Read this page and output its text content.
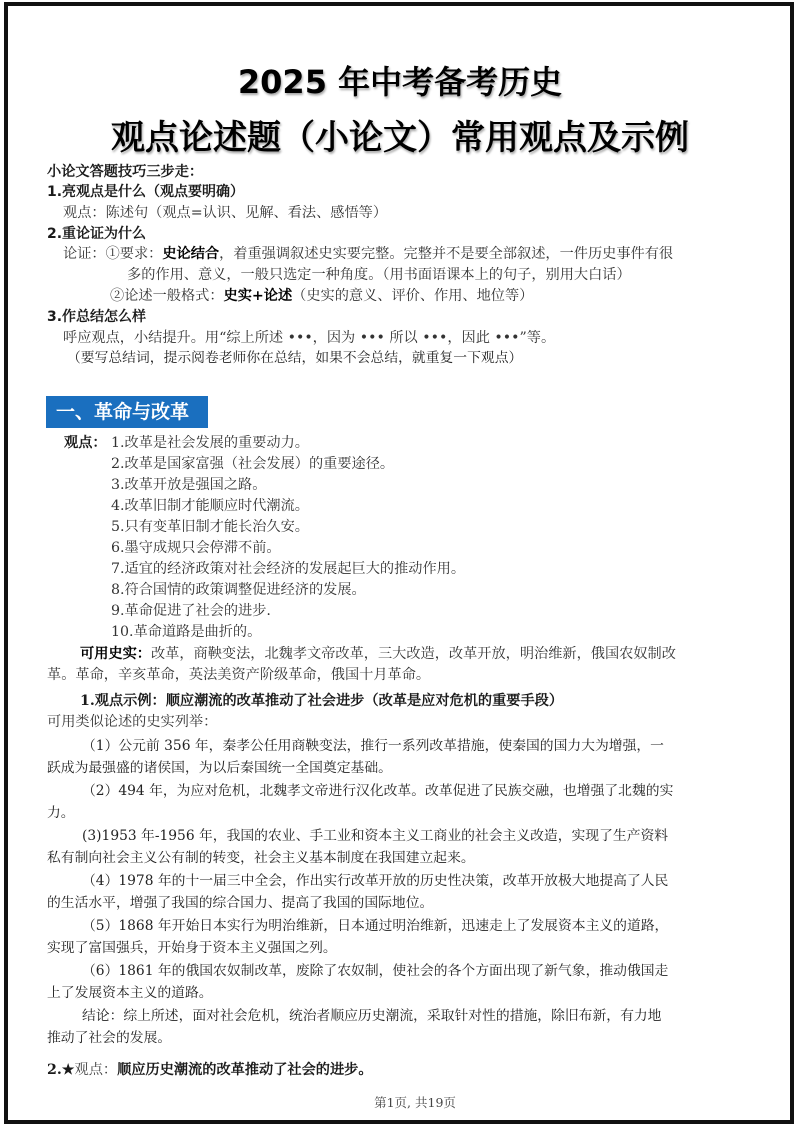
2025 年中考备考历史
观点论述题（小论文）常用观点及示例
小论文答题技巧三步走：
1.亮观点是什么（观点要明确）
观点：陈述句（观点=认识、见解、看法、感悟等）
2.重论证为什么
论证：①要求：史论结合，着重强调叙述史实要完整。完整并不是要全部叙述，一件历史事件有很
多的作用、意义，一般只选定一种角度。（用书面语课本上的句子，别用大白话）
②论述一般格式：史实+论述（史实的意义、评价、作用、地位等）
3.作总结怎么样
呼应观点，小结提升。用“综上所述 •••，因为 ••• 所以 •••，因此 •••”等。
（要写总结词，提示阅卷老师你在总结，如果不会总结，就重复一下观点）
一、革命与改革
观点： 1.改革是社会发展的重要动力。
2.改革是国家富强（社会发展）的重要途径。
3.改革开放是强国之路。
4.改革旧制才能顺应时代潮流。
5.只有变革旧制才能长治久安。
6.墨守成规只会停滞不前。
7.适宜的经济政策对社会经济的发展起巨大的推动作用。
8.符合国情的政策调整促进经济的发展。
9.革命促进了社会的进步.
10.革命道路是曲折的。
可用史实：改革，商鞅变法，北魏孝文帝改革，三大改造，改革开放，明治维新，俄国农奴制改
革。革命，辛亥革命，英法美资产阶级革命，俄国十月革命。
1.观点示例：顺应潮流的改革推动了社会进步（改革是应对危机的重要手段）
可用类似论述的史实列举：
（1）公元前 356 年，秦孝公任用商鞅变法，推行一系列改革措施，使秦国的国力大为增强，一
跃成为最强盛的诸侯国，为以后秦国统一全国奠定基础。
（2）494 年，为应对危机，北魏孝文帝进行汉化改革。改革促进了民族交融，也增强了北魏的实
力。
(3)1953 年-1956 年，我国的农业、手工业和资本主义工商业的社会主义改造，实现了生产资料
私有制向社会主义公有制的转变，社会主义基本制度在我国建立起来。
（4）1978 年的十一届三中全会，作出实行改革开放的历史性决策，改革开放极大地提高了人民
的生活水平，增强了我国的综合国力、提高了我国的国际地位。
（5）1868 年开始日本实行为明治维新，日本通过明治维新，迅速走上了发展资本主义的道路，
实现了富国强兵，开始身于资本主义强国之列。
（6）1861 年的俄国农奴制改革，废除了农奴制，使社会的各个方面出现了新气象，推动俄国走
上了发展资本主义的道路。
结论：综上所述，面对社会危机，统治者顺应历史潮流，采取针对性的措施，除旧布新，有力地
推动了社会的发展。
2.★观点：顺应历史潮流的改革推动了社会的进步。
第1页, 共19页
